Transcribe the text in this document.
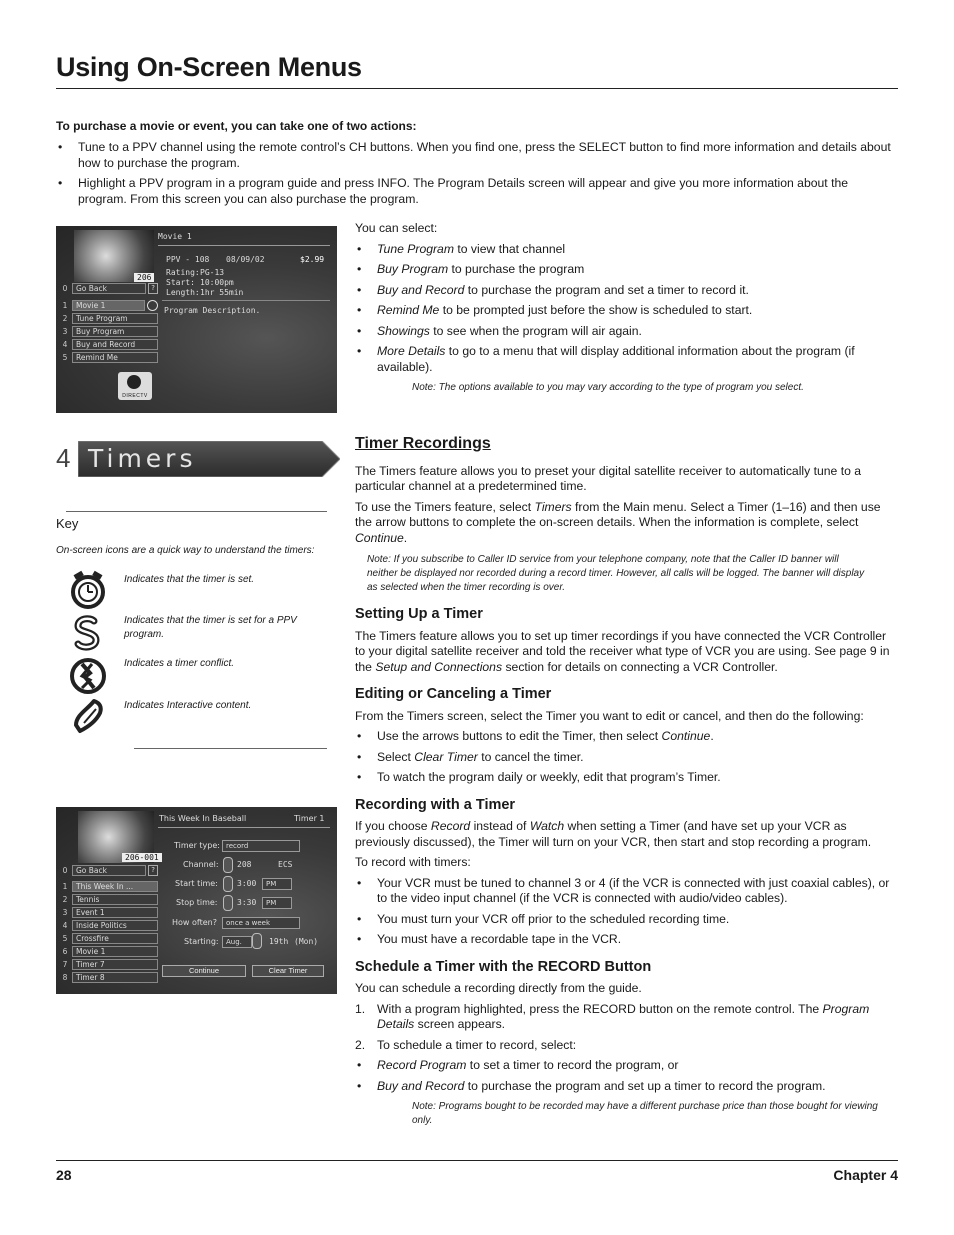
Using On-Screen Menus
To purchase a movie or event, you can take one of two actions:
• Tune to a PPV channel using the remote control’s CH buttons. When you find one, press the SELECT button to find more information and details about how to purchase the program.
• Highlight a PPV program in a program guide and press INFO. The Program Details screen will appear and give you more information about the program. From this screen you can also purchase the program.
206
Movie 1
PPV - 108 08/09/02	$2.99
Rating: PG-13
Start: 10:00pm
Length: 1hr 55min
Program Description.
0	Go Back	?
1	Movie 1
2	Tune Program
3	Buy Program
4	Buy and Record
5	Remind Me
DIRECTV

You can select:

• Tune Program to view that channel
• Buy Program to purchase the program
• Buy and Record to purchase the program and set a timer to record it.
• Remind Me to be prompted just before the show is scheduled to start.
• Showings to see when the program will air again.
• More Details to go to a menu that will display additional information about the program (if available).
Note: The options available to you may vary according to the type of program you select.
4 Timers
Key
On-screen icons are a quick way to understand the timers:
Indicates that the timer is set.
Indicates that the timer is set for a PPV program.
Indicates a timer conflict.
Indicates Interactive content.
206-001
This Week In Baseball	Timer 1
Timer type: record
Channel: 208	ECS
Start time: 3:00	PM
Stop time: 3:30	PM
How often?	once a week
Starting:	Aug.	19th (Mon)
Continue	Clear Timer
0	Go Back	?
1	This Week In ...
2	Tennis
3	Event 1
4	Inside Politics
5	Crossfire
6	Movie 1
7	Timer 7
8	Timer 8
Timer Recordings

The Timers feature allows you to preset your digital satellite receiver to automatically tune to a particular channel at a predetermined time.

To use the Timers feature, select Timers from the Main menu. Select a Timer (1–16) and then use the arrow buttons to complete the on-screen details. When the information is complete, select Continue.

Note: If you subscribe to Caller ID service from your telephone company, note that the Caller ID banner will neither be displayed nor recorded during a record timer. However, all calls will be logged. The banner will display as selected when the timer recording is over.
Setting Up a Timer

The Timers feature allows you to set up timer recordings if you have connected the VCR Controller to your digital satellite receiver and told the receiver what type of VCR you are using. See page 9 in the Setup and Connections section for details on connecting a VCR Controller.

Editing or Canceling a Timer

From the Timers screen, select the Timer you want to edit or cancel, and then do the following:

• Use the arrows buttons to edit the Timer, then select Continue.
• Select Clear Timer to cancel the timer.
• To watch the program daily or weekly, edit that program’s Timer.
Recording with a Timer

If you choose Record instead of Watch when setting a Timer (and have set up your VCR as previously discussed), the Timer will turn on your VCR, then start and stop recording a program.

To record with timers:

• Your VCR must be tuned to channel 3 or 4 (if the VCR is connected with just coaxial cables), or to the video input channel (if the VCR is connected with audio/video cables).
• You must turn your VCR off prior to the scheduled recording time.
• You must have a recordable tape in the VCR.
Schedule a Timer with the RECORD Button

You can schedule a recording directly from the guide.

1. With a program highlighted, press the RECORD button on the remote control. The Program Details screen appears.
2. To schedule a timer to record, select:
• Record Program to set a timer to record the program, or
• Buy and Record to purchase the program and set up a timer to record the program.
Note: Programs bought to be recorded may have a different purchase price than those bought for viewing only.
28	Chapter 4
